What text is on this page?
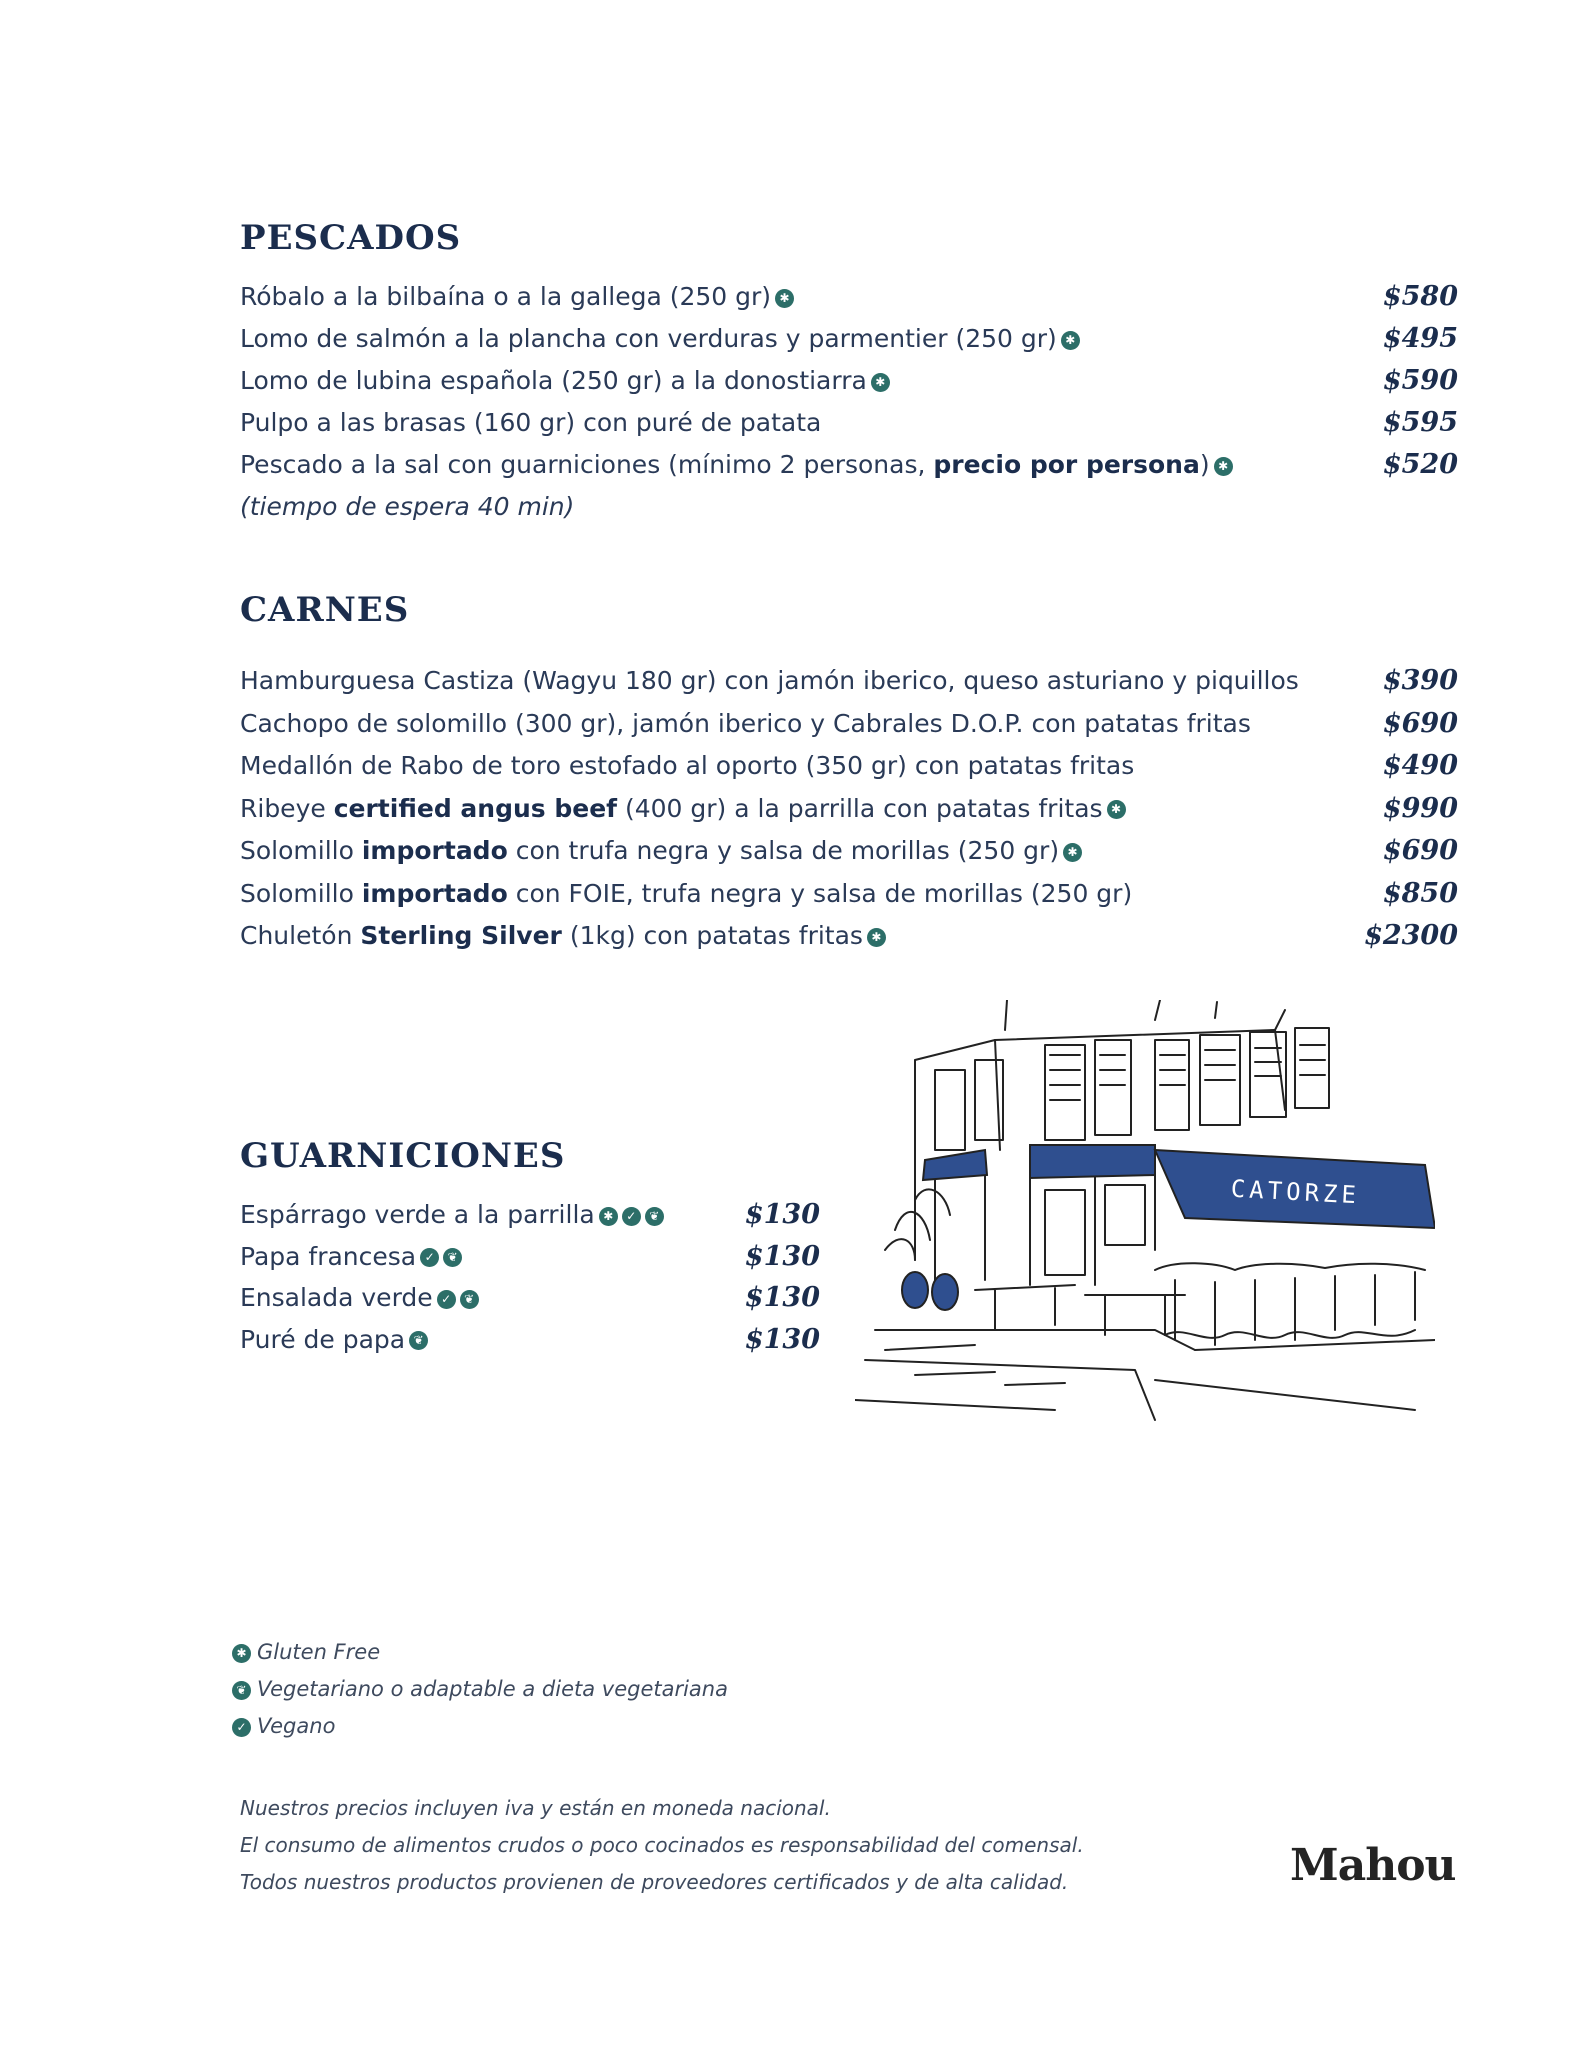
PESCADOS
Róbalo a la bilbaína o a la gallega (250 gr) ✱	$580
Lomo de salmón a la plancha con verduras y parmentier (250 gr) ✱	$495
Lomo de lubina española (250 gr) a la donostiarra ✱	$590
Pulpo a las brasas (160 gr) con puré de patata	$595
Pescado a la sal con guarniciones (mínimo 2 personas, precio por persona) ✱	$520
(tiempo de espera 40 min)
CARNES
Hamburguesa Castiza (Wagyu 180 gr) con jamón iberico, queso asturiano y piquillos	$390
Cachopo de solomillo (300 gr), jamón iberico y Cabrales D.O.P. con patatas fritas	$690
Medallón de Rabo de toro estofado al oporto (350 gr) con patatas fritas	$490
Ribeye certified angus beef (400 gr) a la parrilla con patatas fritas ✱	$990
Solomillo importado con trufa negra y salsa de morillas (250 gr) ✱	$690
Solomillo importado con FOIE, trufa negra y salsa de morillas (250 gr)	$850
Chuletón Sterling Silver (1kg) con patatas fritas ✱	$2300
GUARNICIONES
Espárrago verde a la parrilla ✱ ✓ ❦	$130
Papa francesa ✓ ❦	$130
Ensalada verde ✓ ❦	$130
Puré de papa ❦	$130
CATORZE
✱ Gluten Free
❦ Vegetariano o adaptable a dieta vegetariana
✓ Vegano

Nuestros precios incluyen iva y están en moneda nacional.

El consumo de alimentos crudos o poco cocinados es responsabilidad del comensal.

Todos nuestros productos provienen de proveedores certificados y de alta calidad.	Mahou
